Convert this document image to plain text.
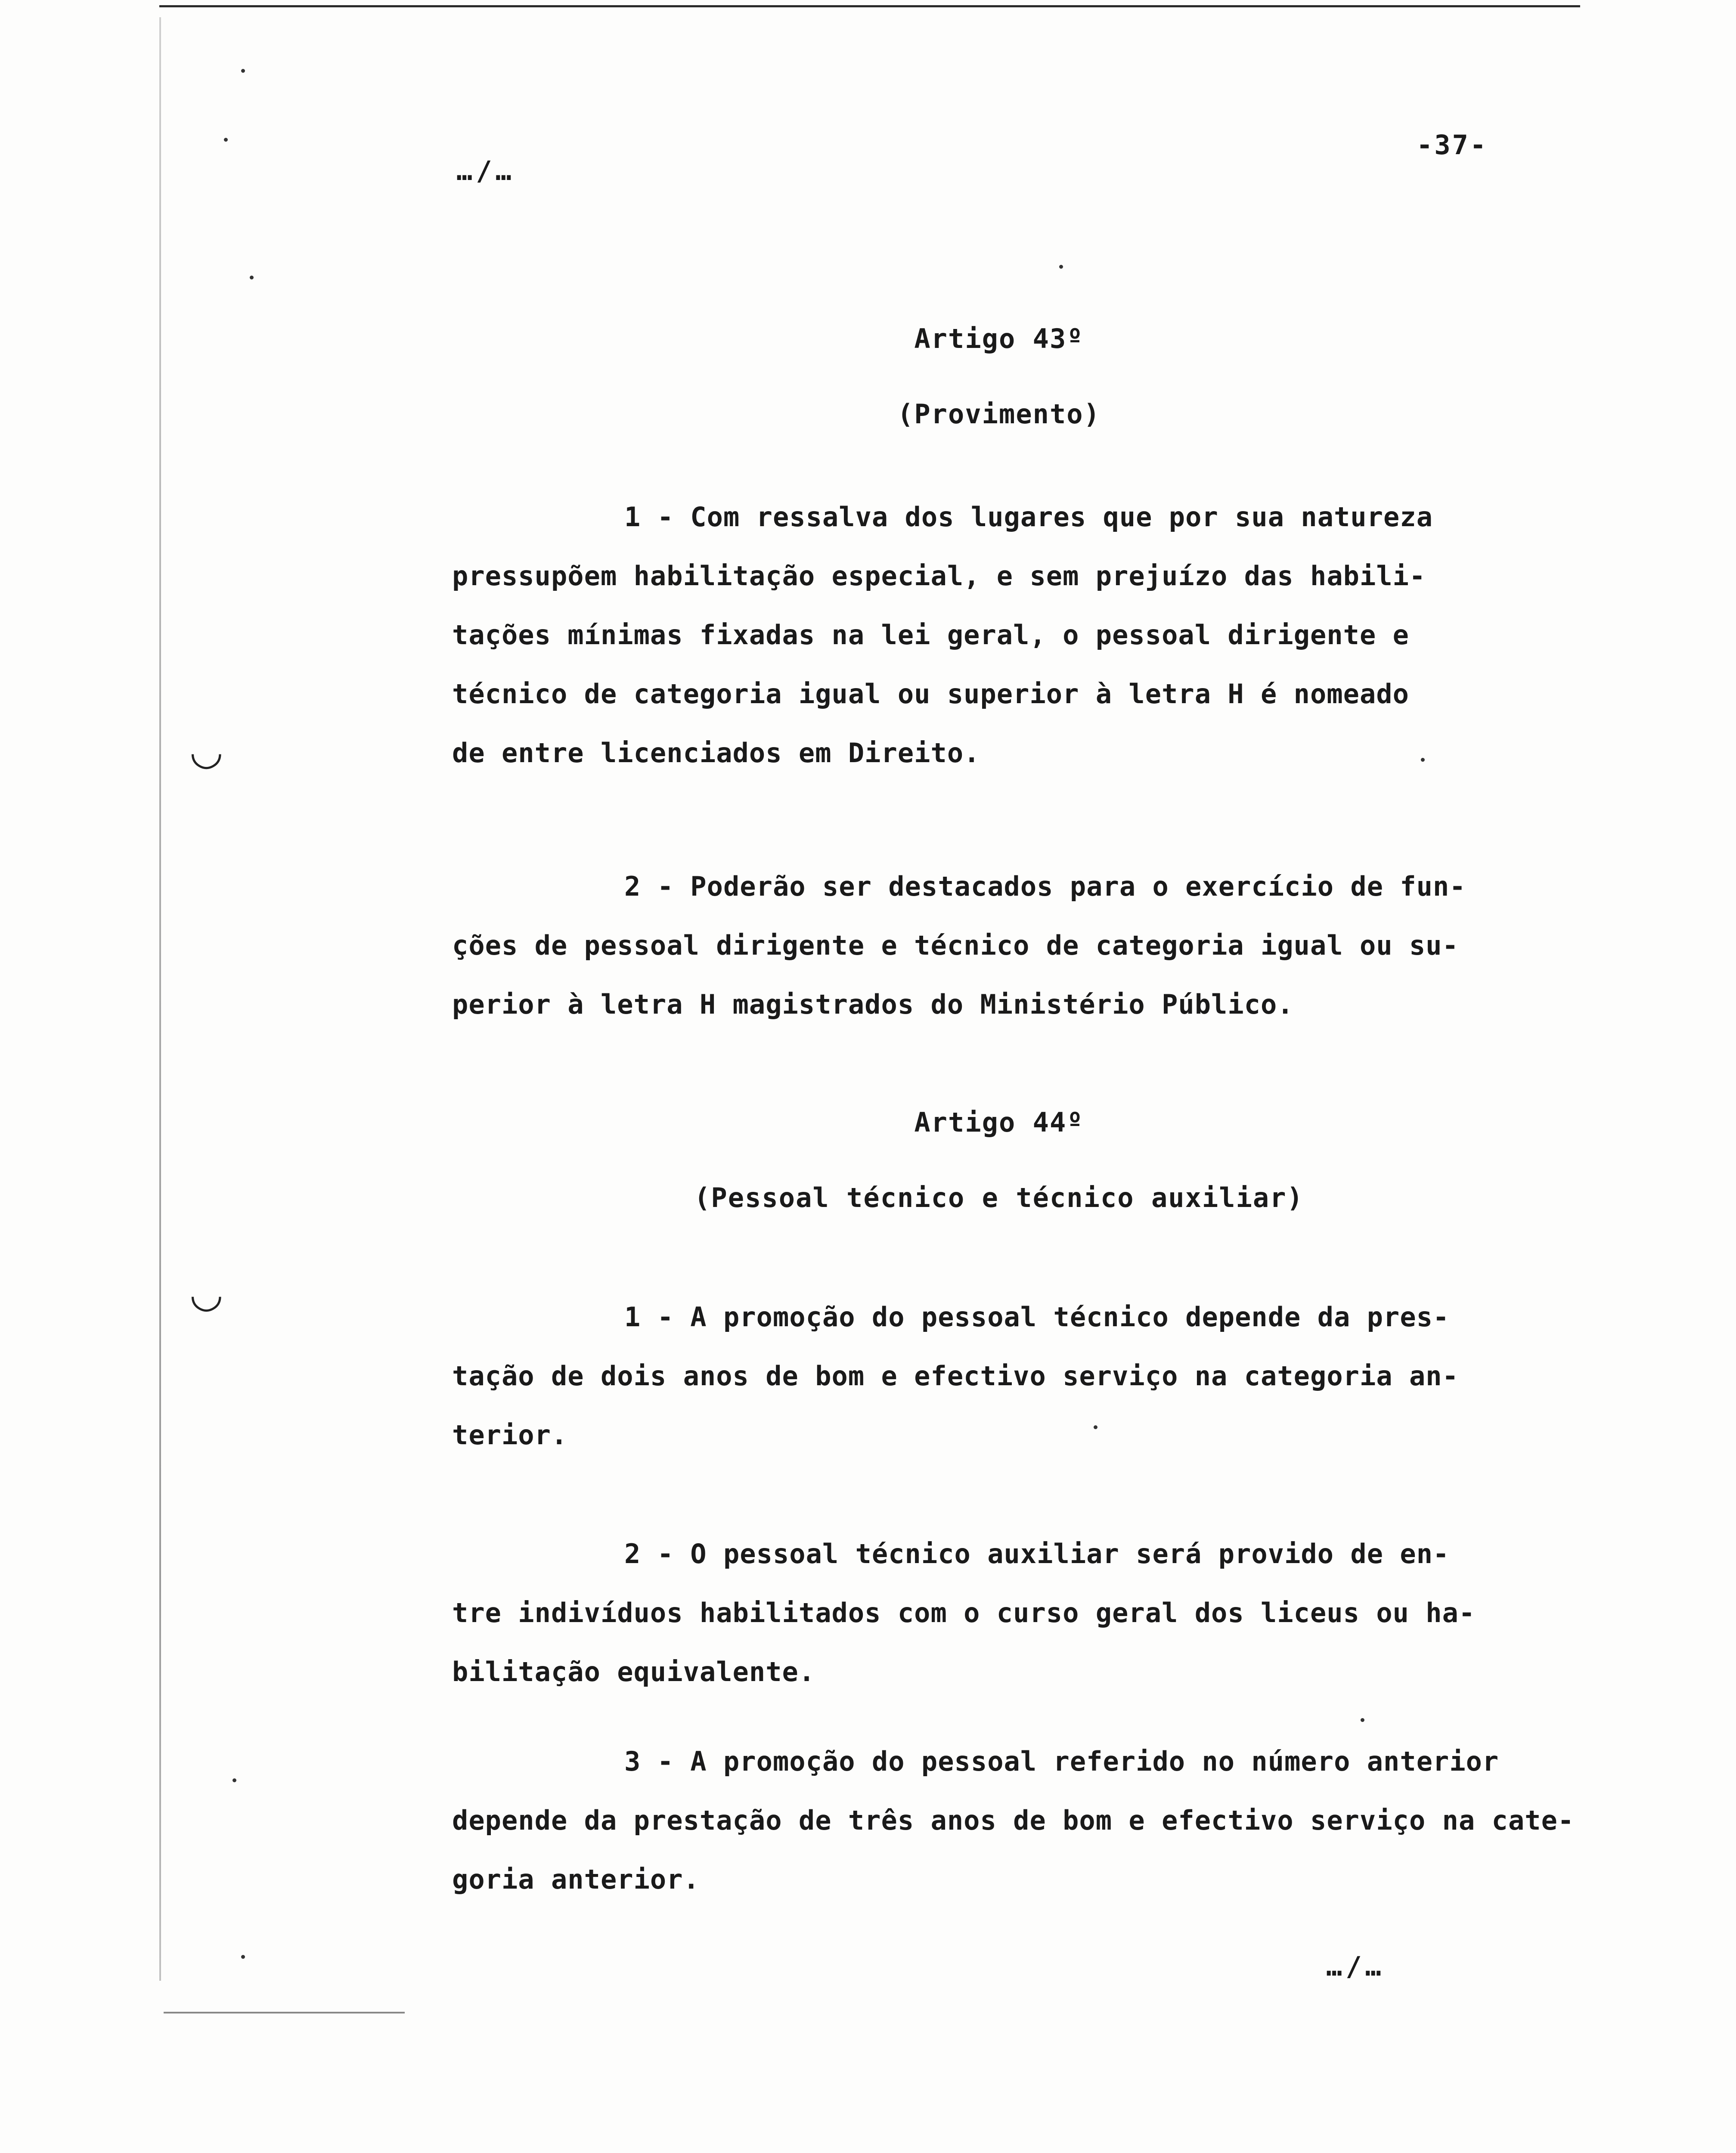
◡
◡
…/…
-37-
Artigo 43º
(Provimento)
1 - Com ressalva dos lugares que por sua natureza
pressupõem habilitação especial, e sem prejuízo das habili-
tações mínimas fixadas na lei geral, o pessoal dirigente e
técnico de categoria igual ou superior à letra H é nomeado
de entre licenciados em Direito.
2 - Poderão ser destacados para o exercício de fun-
ções de pessoal dirigente e técnico de categoria igual ou su-
perior à letra H magistrados do Ministério Público.
Artigo 44º
(Pessoal técnico e técnico auxiliar)
1 - A promoção do pessoal técnico depende da pres-
tação de dois anos de bom e efectivo serviço na categoria an-
terior.
2 - O pessoal técnico auxiliar será provido de en-
tre indivíduos habilitados com o curso geral dos liceus ou ha-
bilitação equivalente.
3 - A promoção do pessoal referido no número anterior
depende da prestação de três anos de bom e efectivo serviço na cate-
goria anterior.
…/…
